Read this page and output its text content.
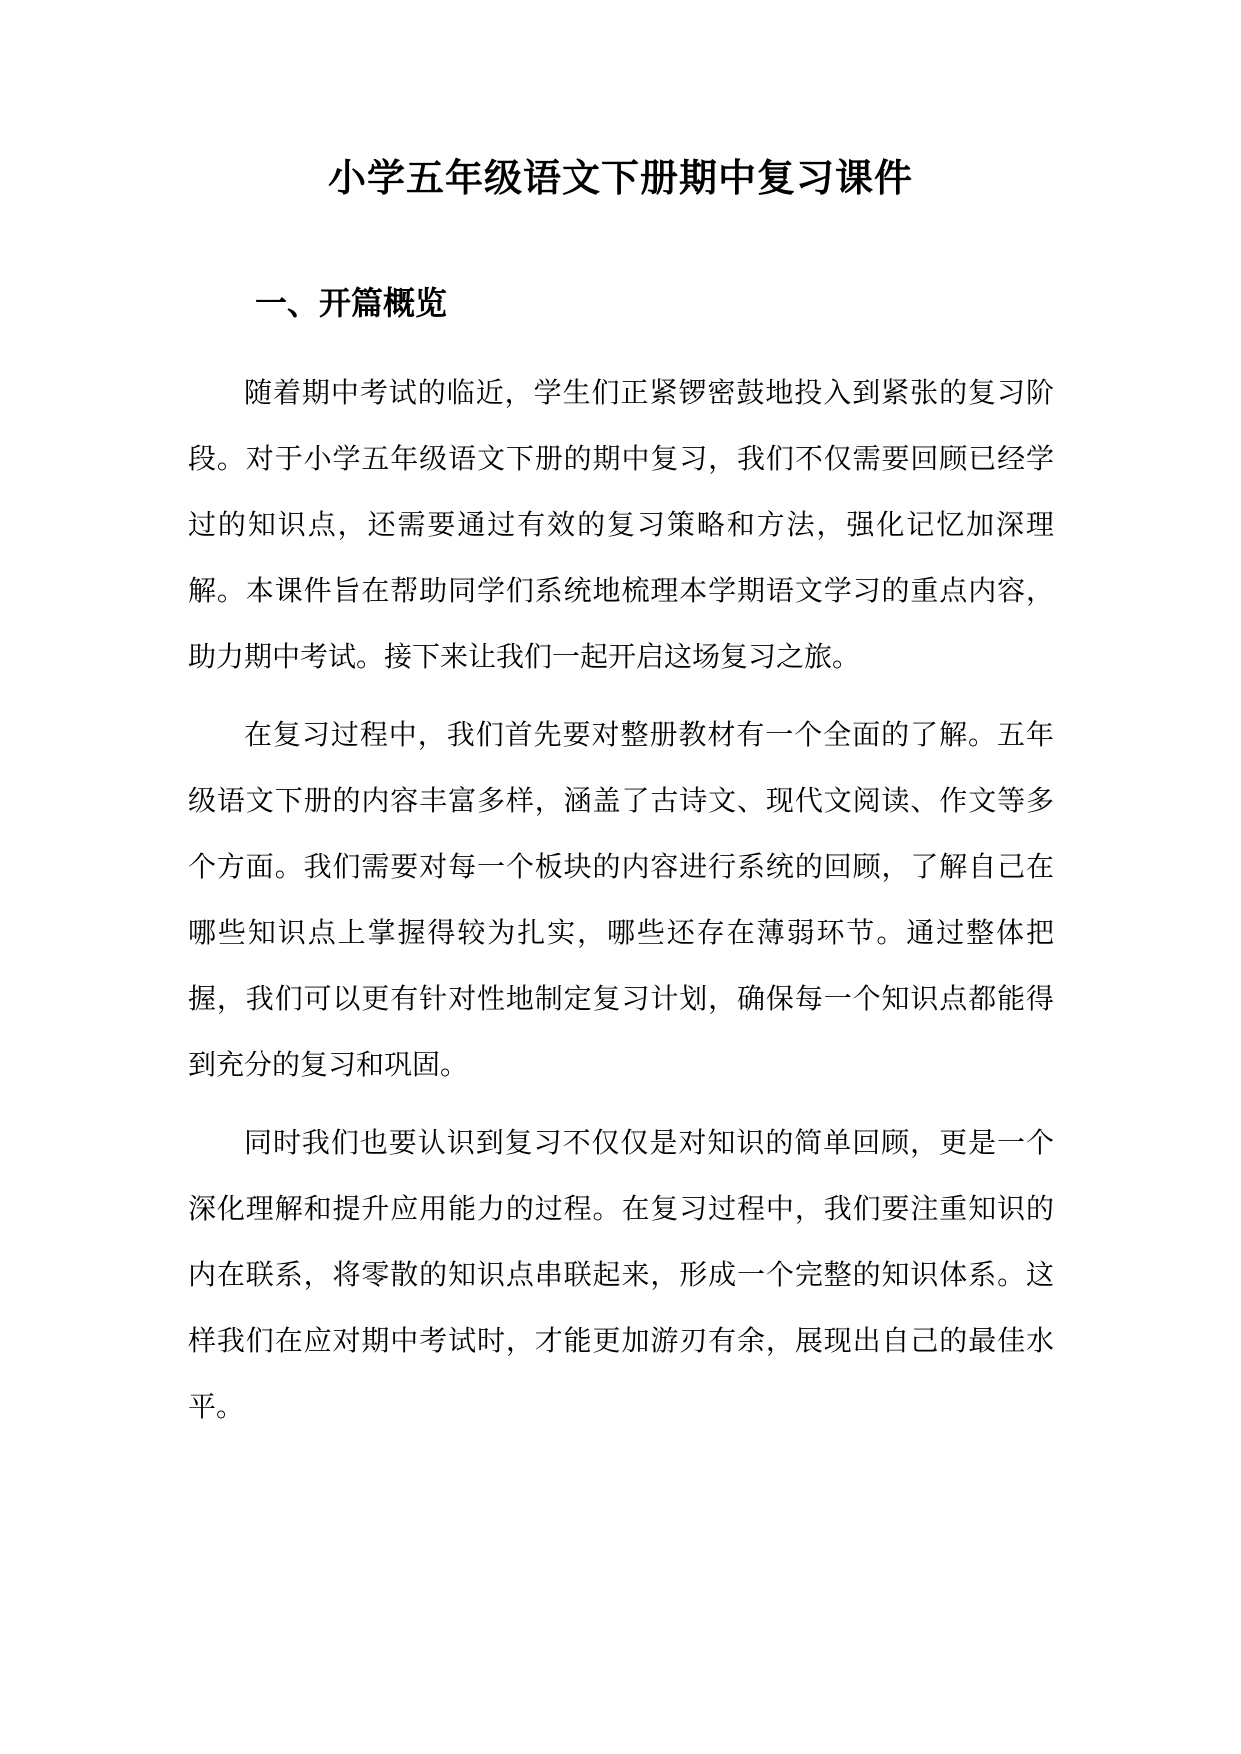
小学五年级语文下册期中复习课件
一、开篇概览

随着期中考试的临近，学生们正紧锣密鼓地投入到紧张的复习阶段。对于小学五年级语文下册的期中复习，我们不仅需要回顾已经学过的知识点，还需要通过有效的复习策略和方法，强化记忆加深理解。本课件旨在帮助同学们系统地梳理本学期语文学习的重点内容，助力期中考试。接下来让我们一起开启这场复习之旅。

在复习过程中，我们首先要对整册教材有一个全面的了解。五年级语文下册的内容丰富多样，涵盖了古诗文、现代文阅读、作文等多个方面。我们需要对每一个板块的内容进行系统的回顾，了解自己在哪些知识点上掌握得较为扎实，哪些还存在薄弱环节。通过整体把握，我们可以更有针对性地制定复习计划，确保每一个知识点都能得到充分的复习和巩固。

同时我们也要认识到复习不仅仅是对知识的简单回顾，更是一个深化理解和提升应用能力的过程。在复习过程中，我们要注重知识的内在联系，将零散的知识点串联起来，形成一个完整的知识体系。这样我们在应对期中考试时，才能更加游刃有余，展现出自己的最佳水平。
